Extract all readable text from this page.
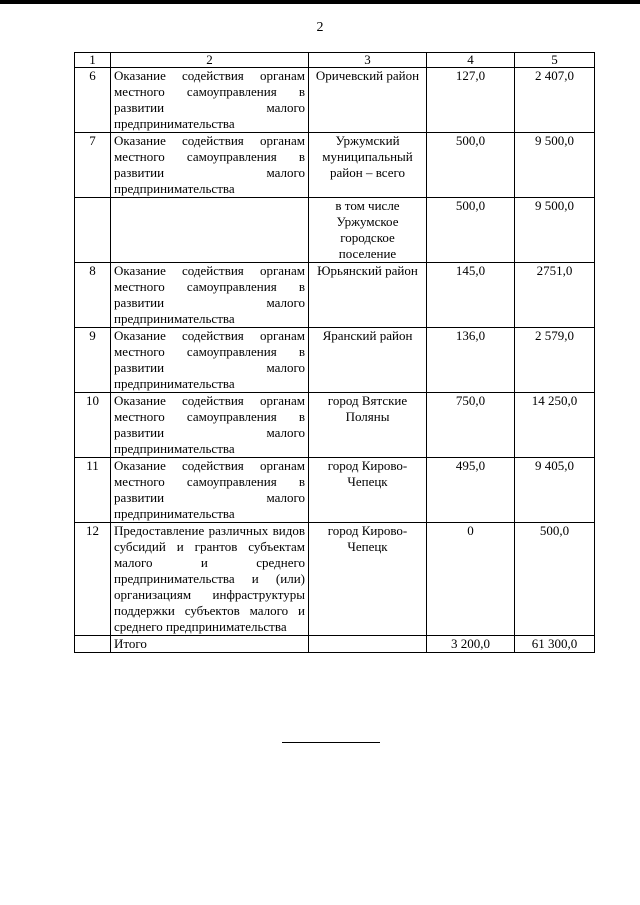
2
1	2	3	4	5
6	Оказание содействия органам местного самоуправления в развитии малого предпринимательства	Оричевский район	127,0	2 407,0
7	Оказание содействия органам местного самоуправления в развитии малого предпринимательства	Уржумский муниципальный район – всего	500,0	9 500,0
		в том числе Уржумское городское поселение	500,0	9 500,0
8	Оказание содействия органам местного самоуправления в развитии малого предпринимательства	Юрьянский район	145,0	2751,0
9	Оказание содействия органам местного самоуправления в развитии малого предпринимательства	Яранский район	136,0	2 579,0
10	Оказание содействия органам местного самоуправления в развитии малого предпринимательства	город Вятские Поляны	750,0	14 250,0
11	Оказание содействия органам местного самоуправления в развитии малого предпринимательства	город Кирово-Чепецк	495,0	9 405,0
12	Предоставление различных видов субсидий и грантов субъектам малого и среднего предпринимательства и (или) организациям инфраструктуры поддержки субъектов малого и среднего предпринимательства	город Кирово-Чепецк	0	500,0
	Итого		3 200,0	61 300,0
